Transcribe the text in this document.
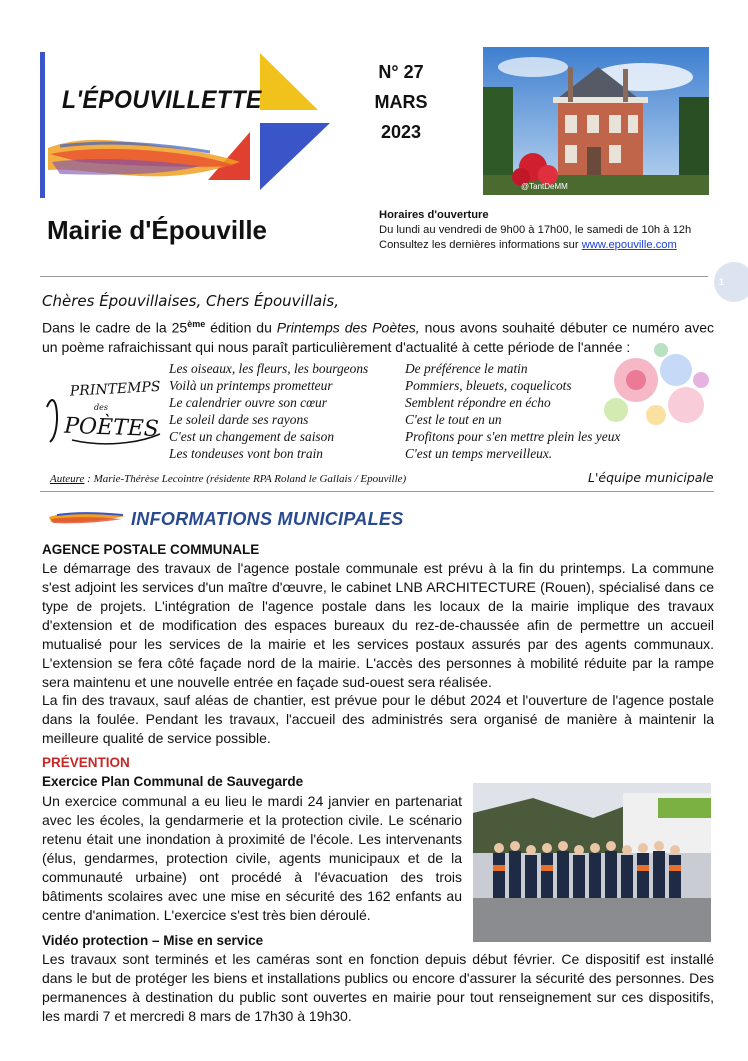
L'ÉPOUVILLETTE
Mairie d'Épouville
N° 27
MARS
2023
@TantDeMM
Horaires d'ouverture
Du lundi au vendredi de 9h00 à 17h00, le samedi de 10h à 12h
Consultez les dernières informations sur www.epouville.com
1
Chères Épouvillaises, Chers Épouvillais,
Dans le cadre de la 25ème édition du Printemps des Poètes, nous avons souhaité débuter ce numéro avec un poème rafraichissant qui nous paraît particulièrement d'actualité à cette période de l'année :
PRINTEMPS
des
POÈTES
Les oiseaux, les fleurs, les bourgeons
Voilà un printemps prometteur
Le calendrier ouvre son cœur
Le soleil darde ses rayons
C'est un changement de saison
Les tondeuses vont bon train
De préférence le matin
Pommiers, bleuets, coquelicots
Semblent répondre en écho
C'est le tout en un
Profitons pour s'en mettre plein les yeux
C'est un temps merveilleux.
Auteure : Marie-Thérèse Lecointre (résidente RPA Roland le Gallais / Epouville)	L'équipe municipale
INFORMATIONS MUNICIPALES
AGENCE POSTALE COMMUNALE
Le démarrage des travaux de l'agence postale communale est prévu à la fin du printemps. La commune s'est adjoint les services d'un maître d'œuvre, le cabinet LNB ARCHITECTURE (Rouen), spécialisé dans ce type de projets. L'intégration de l'agence postale dans les locaux de la mairie implique des travaux d'extension et de modification des espaces bureaux du rez-de-chaussée afin de permettre un accueil mutualisé pour les services de la mairie et les services postaux assurés par des agents communaux. L'extension se fera côté façade nord de la mairie. L'accès des personnes à mobilité réduite par la rampe sera maintenu et une nouvelle entrée en façade sud-ouest sera réalisée.
La fin des travaux, sauf aléas de chantier, est prévue pour le début 2024 et l'ouverture de l'agence postale dans la foulée. Pendant les travaux, l'accueil des administrés sera organisé de manière à maintenir la meilleure qualité de service possible.
PRÉVENTION
Exercice Plan Communal de Sauvegarde
Un exercice communal a eu lieu le mardi 24 janvier en partenariat avec les écoles, la gendarmerie et la protection civile. Le scénario retenu était une inondation à proximité de l'école. Les intervenants (élus, gendarmes, protection civile, agents municipaux et de la communauté urbaine) ont procédé à l'évacuation des trois bâtiments scolaires avec une mise en sécurité des 162 enfants au centre d'animation. L'exercice s'est très bien déroulé.
Vidéo protection – Mise en service
Les travaux sont terminés et les caméras sont en fonction depuis début février. Ce dispositif est installé dans le but de protéger les biens et installations publics ou encore d'assurer la sécurité des personnes. Des permanences à destination du public sont ouvertes en mairie pour tout renseignement sur ces dispositifs, les mardi 7 et mercredi 8 mars de 17h30 à 19h30.
